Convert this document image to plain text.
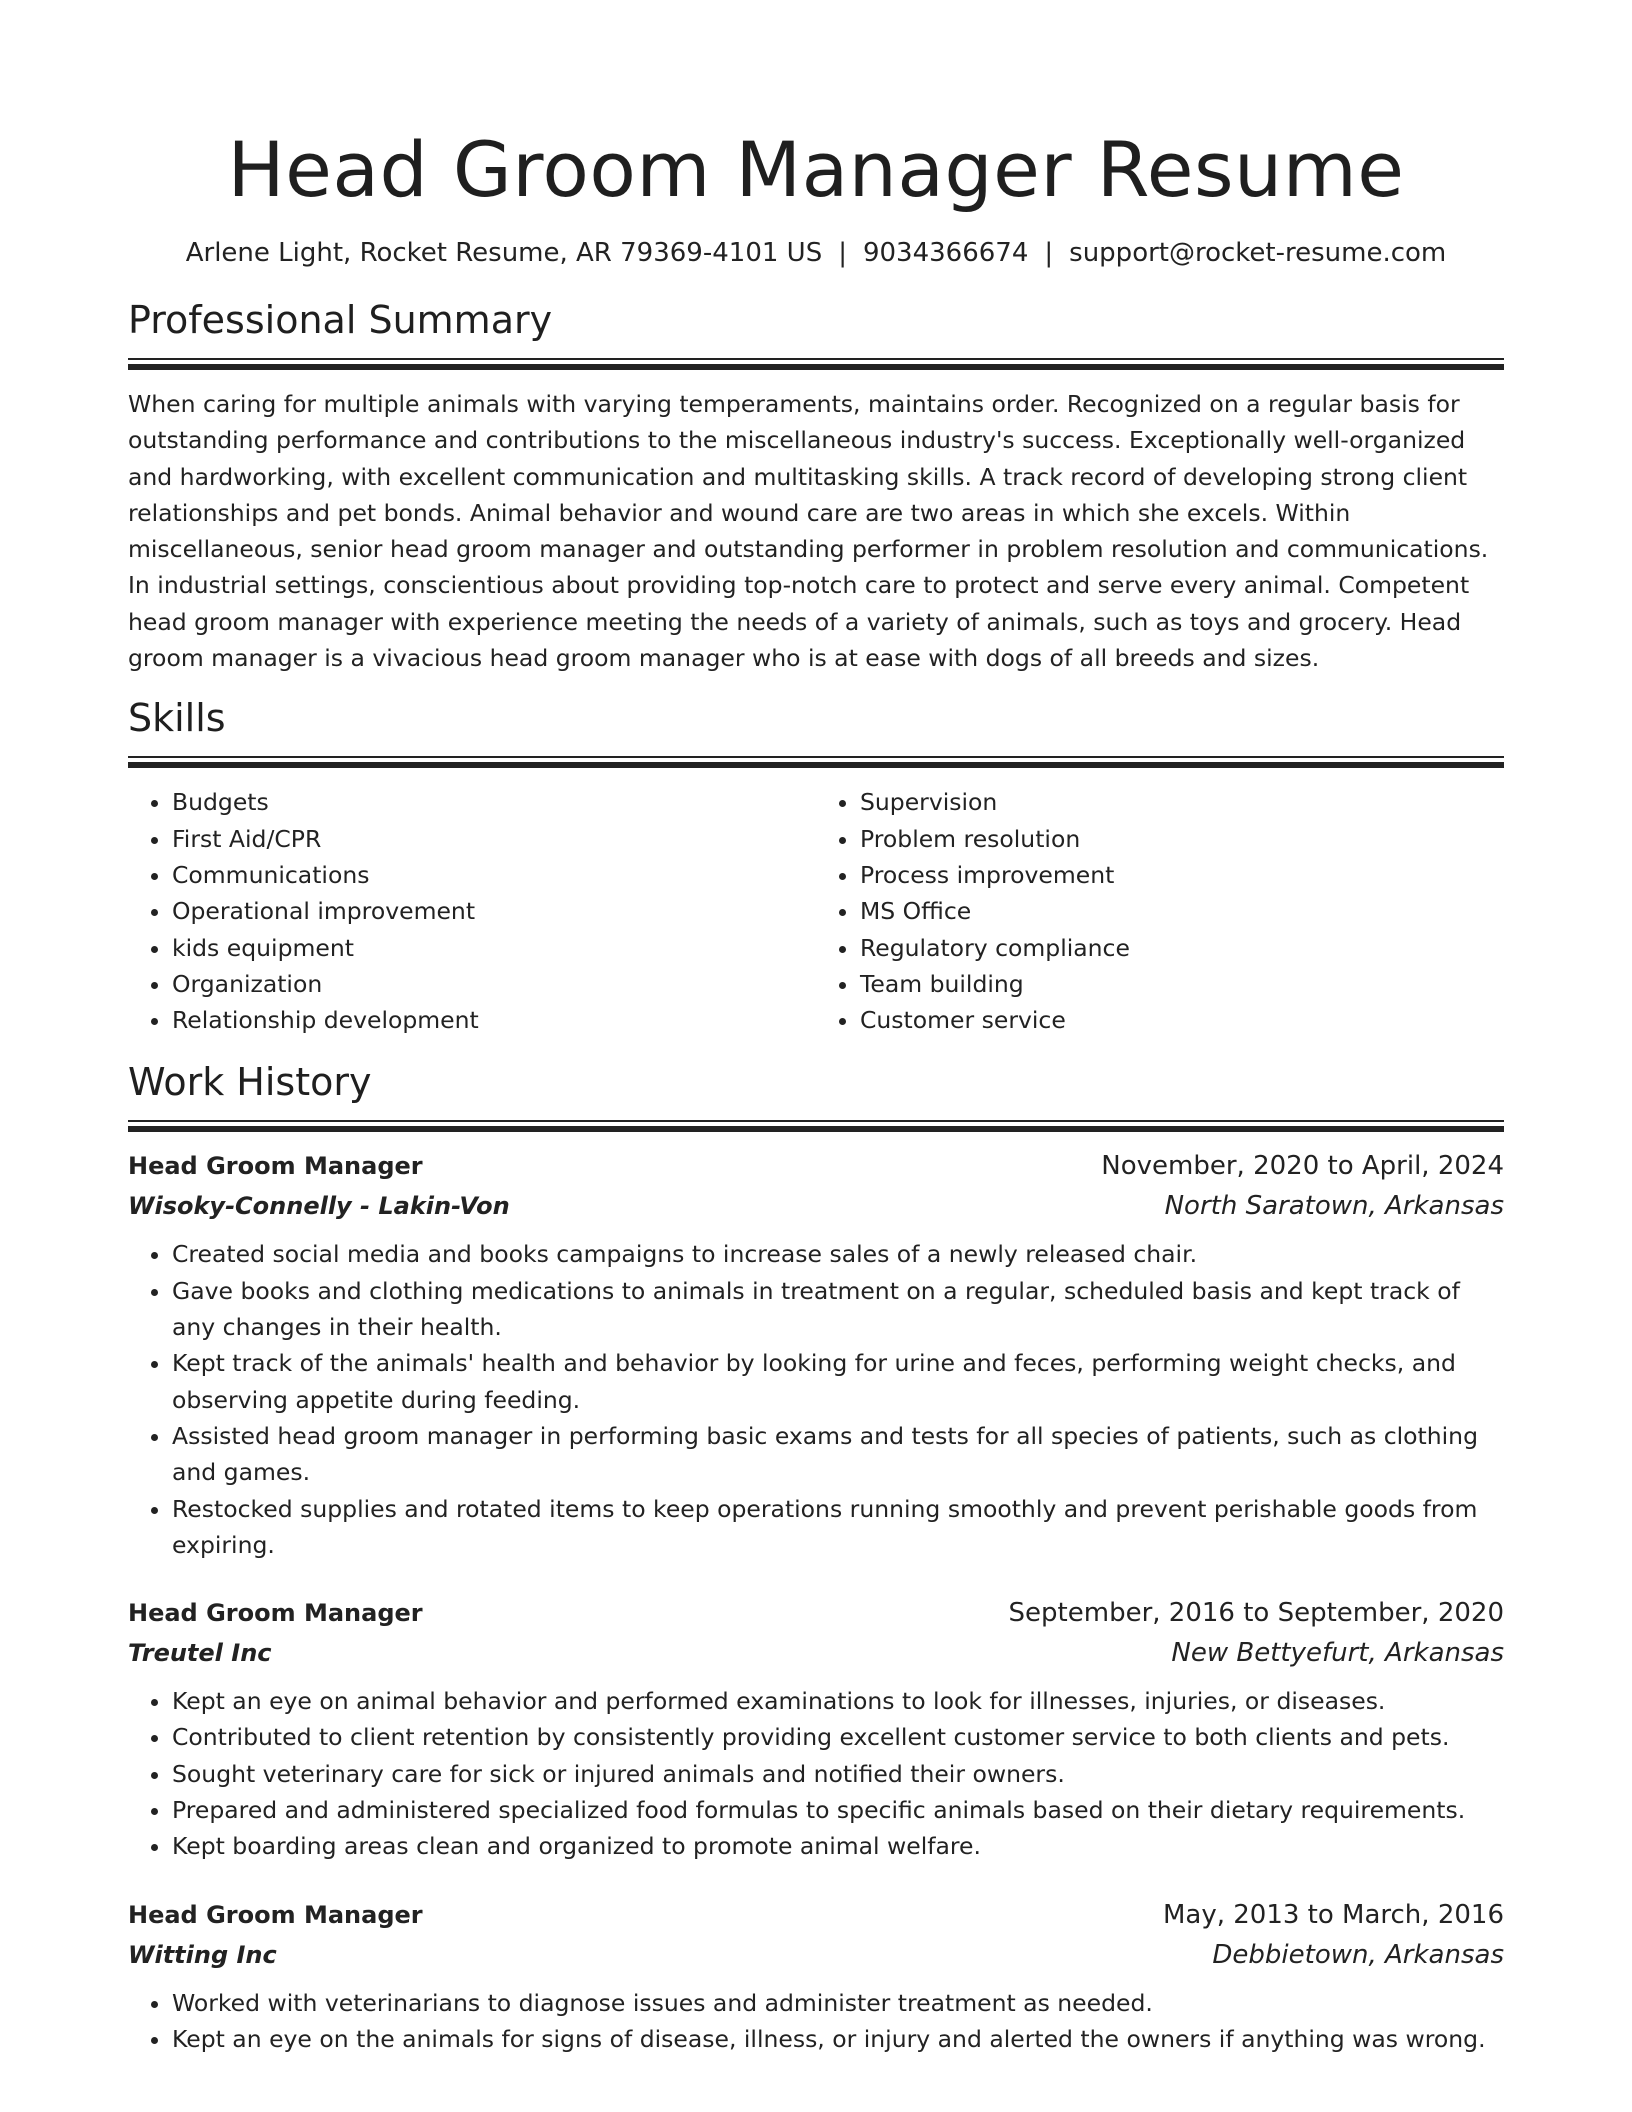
Head Groom Manager Resume
Arlene Light, Rocket Resume, AR 79369-4101 US | 9034366674 | support@rocket-resume.com
Professional Summary

When caring for multiple animals with varying temperaments, maintains order. Recognized on a regular basis for outstanding performance and contributions to the miscellaneous industry's success. Exceptionally well-organized and hardworking, with excellent communication and multitasking skills. A track record of developing strong client relationships and pet bonds. Animal behavior and wound care are two areas in which she excels. Within miscellaneous, senior head groom manager and outstanding performer in problem resolution and communications. In industrial settings, conscientious about providing top-notch care to protect and serve every animal. Competent head groom manager with experience meeting the needs of a variety of animals, such as toys and grocery. Head groom manager is a vivacious head groom manager who is at ease with dogs of all breeds and sizes.

Skills
• Budgets
• First Aid/CPR
• Communications
• Operational improvement
• kids equipment
• Organization
• Relationship development
• Supervision
• Problem resolution
• Process improvement
• MS Office
• Regulatory compliance
• Team building
• Customer service
Work History
Head Groom Manager	November, 2020 to April, 2024
Wisoky-Connelly - Lakin-Von	North Saratown, Arkansas
• Created social media and books campaigns to increase sales of a newly released chair.
• Gave books and clothing medications to animals in treatment on a regular, scheduled basis and kept track of any changes in their health.
• Kept track of the animals' health and behavior by looking for urine and feces, performing weight checks, and observing appetite during feeding.
• Assisted head groom manager in performing basic exams and tests for all species of patients, such as clothing and games.
• Restocked supplies and rotated items to keep operations running smoothly and prevent perishable goods from expiring.
Head Groom Manager	September, 2016 to September, 2020
Treutel Inc	New Bettyefurt, Arkansas
• Kept an eye on animal behavior and performed examinations to look for illnesses, injuries, or diseases.
• Contributed to client retention by consistently providing excellent customer service to both clients and pets.
• Sought veterinary care for sick or injured animals and notified their owners.
• Prepared and administered specialized food formulas to specific animals based on their dietary requirements.
• Kept boarding areas clean and organized to promote animal welfare.
Head Groom Manager	May, 2013 to March, 2016
Witting Inc	Debbietown, Arkansas
• Worked with veterinarians to diagnose issues and administer treatment as needed.
• Kept an eye on the animals for signs of disease, illness, or injury and alerted the owners if anything was wrong.
